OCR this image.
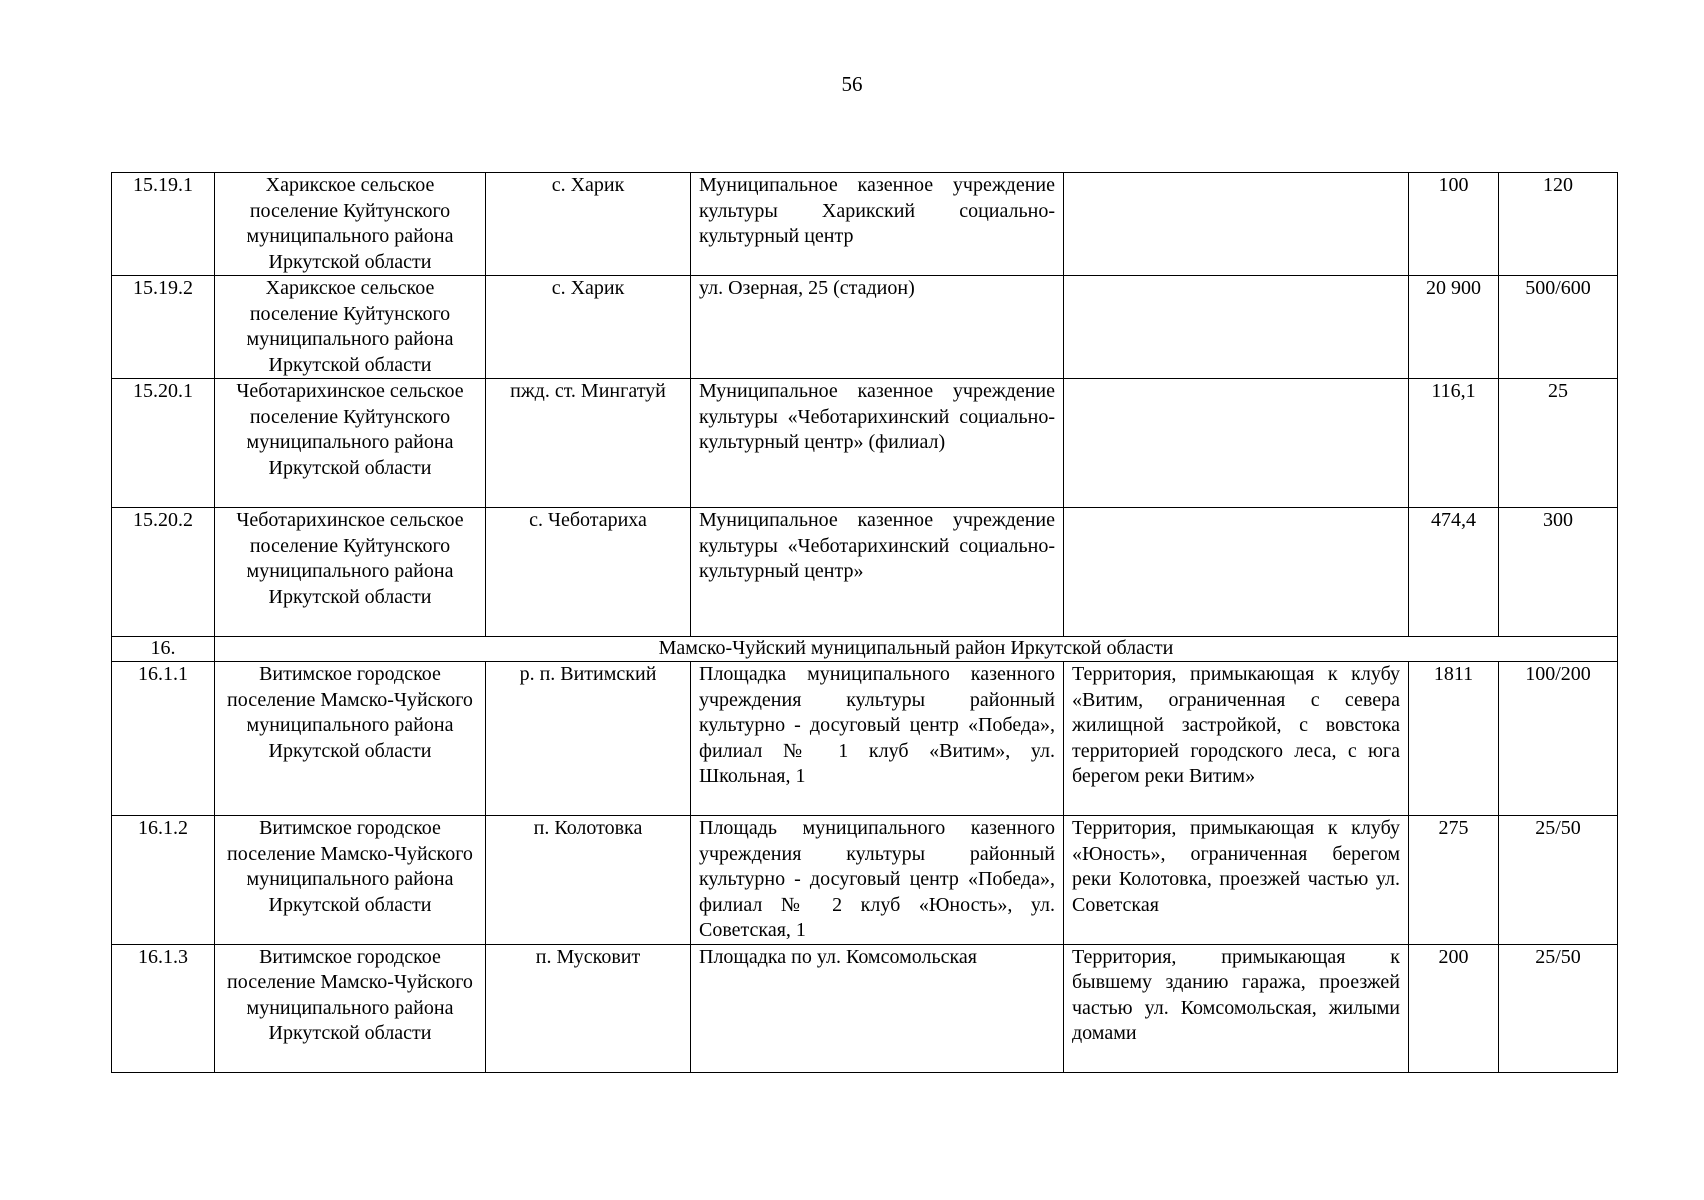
56
15.19.1	Харикское сельское поселение Куйтунского муниципального района Иркутской области	с. Харик	Муниципальное казенное учреждение культуры Харикский социально-культурный центр		100	120
15.19.2	Харикское сельское поселение Куйтунского муниципального района Иркутской области	с. Харик	ул. Озерная, 25 (стадион)		20 900	500/600
15.20.1	Чеботарихинское сельское поселение Куйтунского муниципального района Иркутской области	пжд. ст. Мингатуй	Муниципальное казенное учреждение культуры «Чеботарихинский социально-культурный центр» (филиал)		116,1	25
15.20.2	Чеботарихинское сельское поселение Куйтунского муниципального района Иркутской области	с. Чеботариха	Муниципальное казенное учреждение культуры «Чеботарихинский социально-культурный центр»		474,4	300
16.	Мамско-Чуйский муниципальный район Иркутской области					
16.1.1	Витимское городское поселение Мамско-Чуйского муниципального района Иркутской области	р. п. Витимский	Площадка муниципального казенного учреждения культуры районный культурно - досуговый центр «Победа», филиал № 1 клуб «Витим», ул. Школьная, 1	Территория, примыкающая к клубу «Витим, ограниченная с севера жилищной застройкой, с вовстока территорией городского леса, с юга берегом реки Витим»	1811	100/200
16.1.2	Витимское городское поселение Мамско-Чуйского муниципального района Иркутской области	п. Колотовка	Площадь муниципального казенного учреждения культуры районный культурно - досуговый центр «Победа», филиал № 2 клуб «Юность», ул. Советская, 1	Территория, примыкающая к клубу «Юность», ограниченная берегом реки Колотовка, проезжей частью ул. Советская	275	25/50
16.1.3	Витимское городское поселение Мамско-Чуйского муниципального района Иркутской области	п. Мусковит	Площадка по ул. Комсомольская	Территория, примыкающая к бывшему зданию гаража, проезжей частью ул. Комсомольская, жилыми домами	200	25/50
